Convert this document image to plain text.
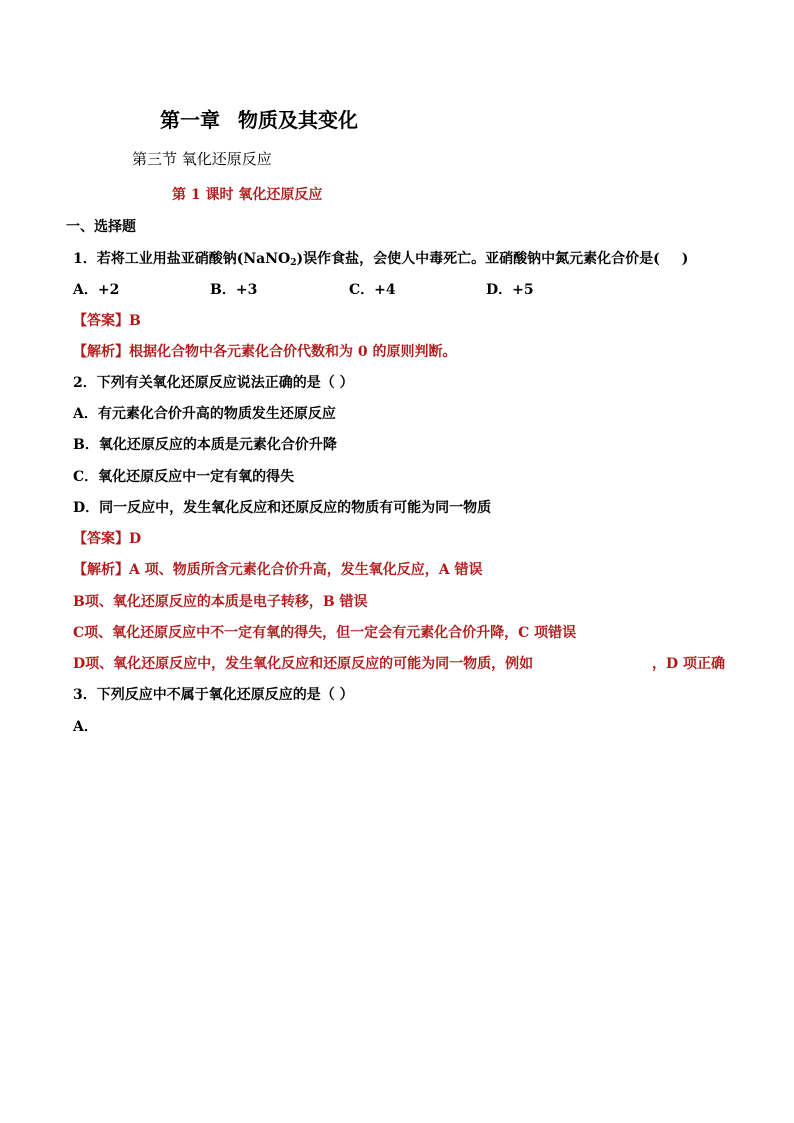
第一章 物质及其变化
第三节 氧化还原反应
第 1 课时 氧化还原反应
一、选择题
1．若将工业用盐亚硝酸钠(NaNO$_2$)误作食盐，会使人中毒死亡。亚硝酸钠中氮元素化合价是( )
A．+2	B．+3	C．+4	D．+5
【答案】B
【解析】根据化合物中各元素化合价代数和为 0 的原则判断。
2．下列有关氧化还原反应说法正确的是（ ）
A．有元素化合价升高的物质发生还原反应
B．氧化还原反应的本质是元素化合价升降
C．氧化还原反应中一定有氧的得失
D．同一反应中，发生氧化反应和还原反应的物质有可能为同一物质
【答案】D
【解析】A 项、物质所含元素化合价升高，发生氧化反应，A 错误
B项、氧化还原反应的本质是电子转移，B 错误
C项、氧化还原反应中不一定有氧的得失，但一定会有元素化合价升降，C 项错误
D项、氧化还原反应中，发生氧化反应和还原反应的可能为同一物质，例如	，D 项正确
3．下列反应中不属于氧化还原反应的是（ ）
A．
